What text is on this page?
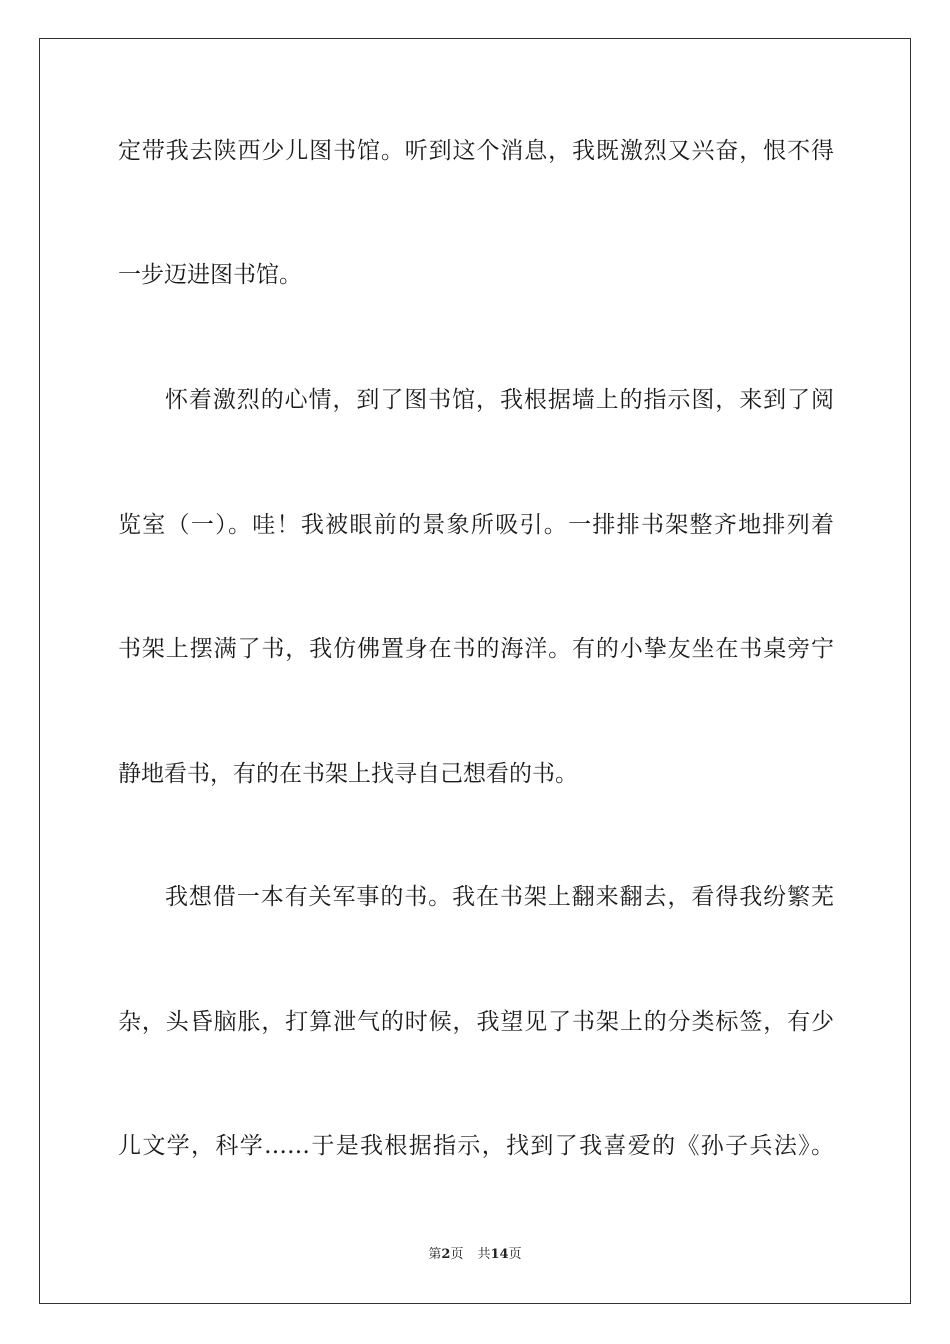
定带我去陕西少儿图书馆。听到这个消息，我既激烈又兴奋，恨不得
一步迈进图书馆。
怀着激烈的心情，到了图书馆，我根据墙上的指示图，来到了阅
览室（一）。哇！我被眼前的景象所吸引。一排排书架整齐地排列着
书架上摆满了书，我仿佛置身在书的海洋。有的小挚友坐在书桌旁宁
静地看书，有的在书架上找寻自己想看的书。
我想借一本有关军事的书。我在书架上翻来翻去，看得我纷繁芜
杂，头昏脑胀，打算泄气的时候，我望见了书架上的分类标签，有少
儿文学，科学……于是我根据指示，找到了我喜爱的《孙子兵法》。
第2页 共14页
